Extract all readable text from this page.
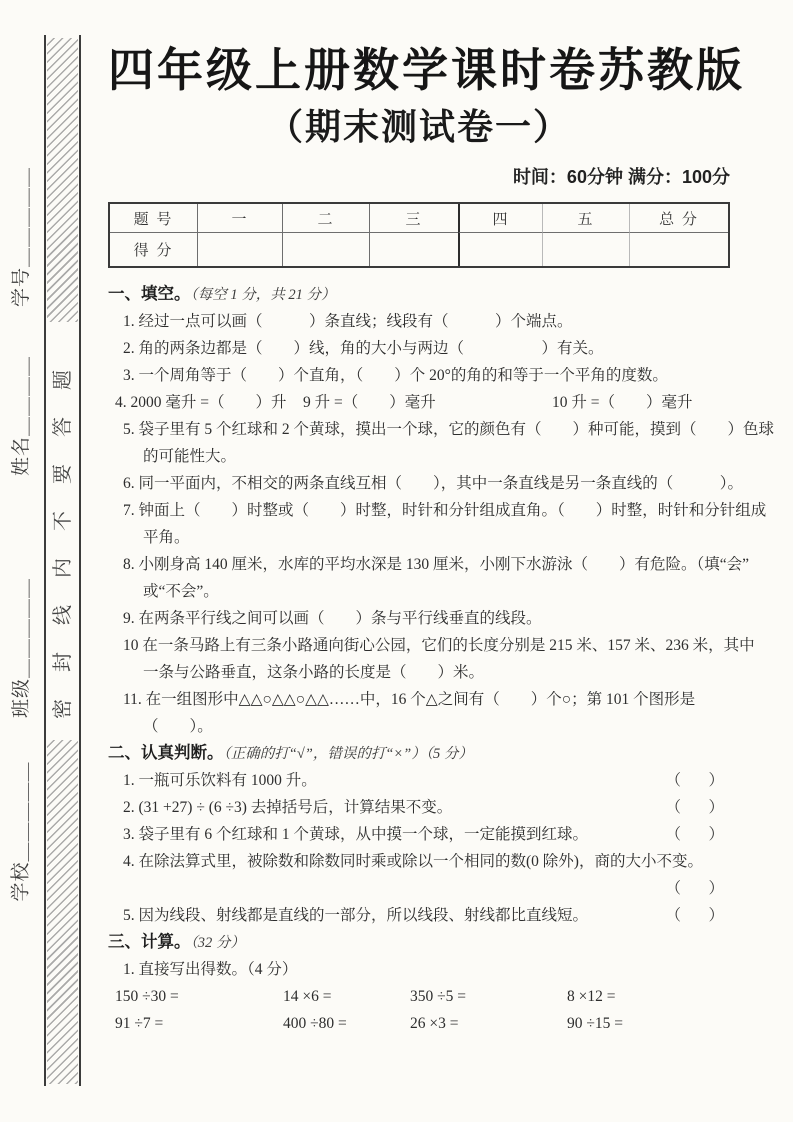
学号＿＿＿＿＿
姓名＿＿＿＿
班级＿＿＿＿＿
学校＿＿＿＿＿
密封线内不要答题
四年级上册数学课时卷苏教版
（期末测试卷一）
时间：60分钟 满分：100分
题 号	一	二	三	四	五	总 分
得 分
一、填空。（每空 1 分，共 21 分）
1. 经过一点可以画（　　　）条直线；线段有（　　　）个端点。
2. 角的两条边都是（　　）线，角的大小与两边（　　　　　）有关。
3. 一个周角等于（　　）个直角，（　　）个 20°的角的和等于一个平角的度数。
4. 2000 毫升 =（　　）升 9 升 =（　　）毫升	10 升 =（　　）毫升
5. 袋子里有 5 个红球和 2 个黄球，摸出一个球，它的颜色有（　　）种可能，摸到（　　）色球
的可能性大。
6. 同一平面内，不相交的两条直线互相（　　），其中一条直线是另一条直线的（　　　）。
7. 钟面上（　　）时整或（　　）时整，时针和分针组成直角。（　　）时整，时针和分针组成
平角。
8. 小刚身高 140 厘米，水库的平均水深是 130 厘米，小刚下水游泳（　　）有危险。（填“会”
或“不会”。
9. 在两条平行线之间可以画（　　）条与平行线垂直的线段。
10 在一条马路上有三条小路通向街心公园，它们的长度分别是 215 米、157 米、236 米，其中
一条与公路垂直，这条小路的长度是（　　）米。
11. 在一组图形中△△○△△○△△……中，16 个△之间有（　　）个○；第 101 个图形是
（　　）。
二、认真判断。（正确的打“√”，错误的打“×”）（5 分）
1. 一瓶可乐饮料有 1000 升。	（　）
2. (31 +27) ÷ (6 ÷3) 去掉括号后，计算结果不变。	（　）
3. 袋子里有 6 个红球和 1 个黄球，从中摸一个球，一定能摸到红球。	（　）
4. 在除法算式里，被除数和除数同时乘或除以一个相同的数(0 除外)，商的大小不变。
（　）
5. 因为线段、射线都是直线的一部分，所以线段、射线都比直线短。	（　）
三、计算。（32 分）
1. 直接写出得数。（4 分）
150 ÷30 =	14 ×6 =	350 ÷5 =	8 ×12 =
91 ÷7 =	400 ÷80 =	26 ×3 =	90 ÷15 =
